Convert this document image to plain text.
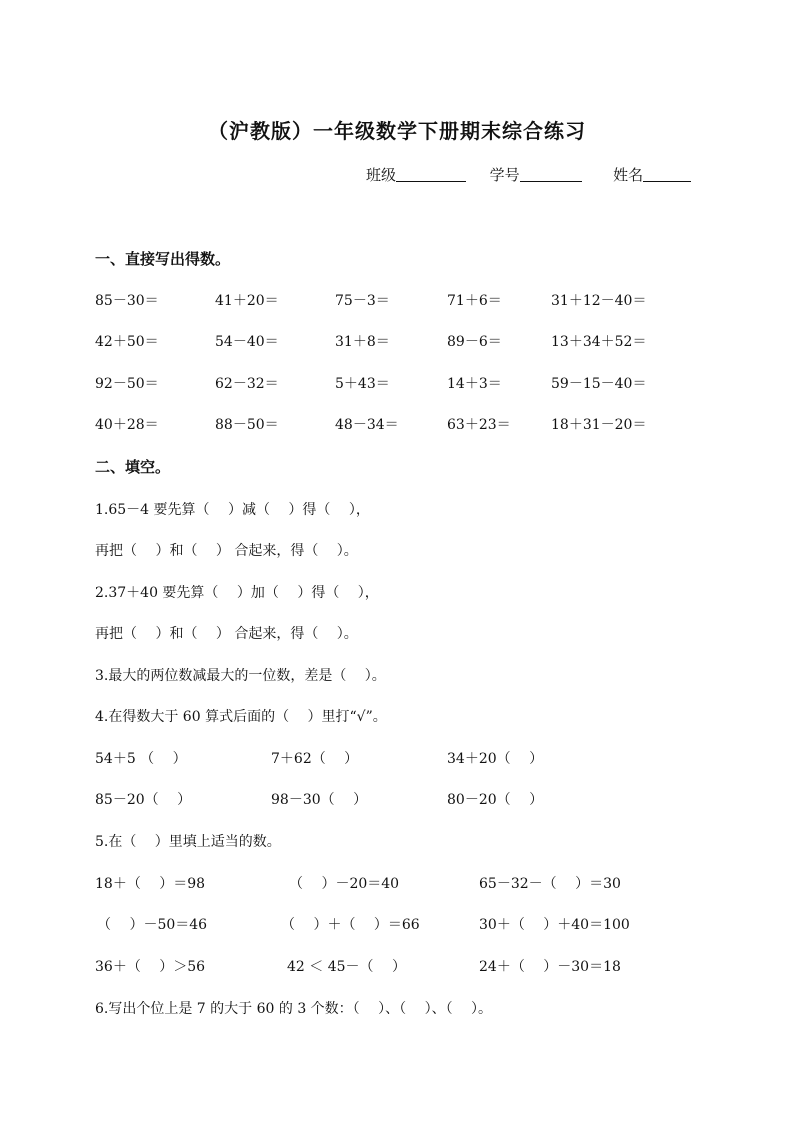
（沪教版）一年级数学下册期末综合练习
班级	学号	姓名
一、直接写出得数。
85－30＝	41＋20＝	75－3＝	71＋6＝	31＋12－40＝
42＋50＝	54－40＝	31＋8＝	89－6＝	13＋34＋52＝
92－50＝	62－32＝	5＋43＝	14＋3＝	59－15－40＝
40＋28＝	88－50＝	48－34＝	63＋23＝	18＋31－20＝
二、填空。
1.65－4 要先算（　 ）减（　 ）得（　 ），
再把（　 ）和（　 ） 合起来，得（　 ）。
2.37＋40 要先算（　 ）加（　 ）得（　 ），
再把（　 ）和（　 ） 合起来，得（　 ）。
3.最大的两位数减最大的一位数，差是（　 ）。
4.在得数大于 60 算式后面的（　 ）里打“√”。
54＋5 （　 ）	7＋62（　 ）	34＋20（　 ）
85－20（　 ）	98－30（　 ）	80－20（　 ）
5.在（　 ）里填上适当的数。
18＋（　 ）＝98	（　 ）－20＝40	65－32－（　 ）＝30
（　 ）－50＝46	（　 ）＋（　 ）＝66	30＋（　 ）＋40＝100
36＋（　 ）＞56	42 ＜ 45－（　 ）	24＋（　 ）－30＝18
6.写出个位上是 7 的大于 60 的 3 个数：（　 ）、（　 ）、（　 ）。
